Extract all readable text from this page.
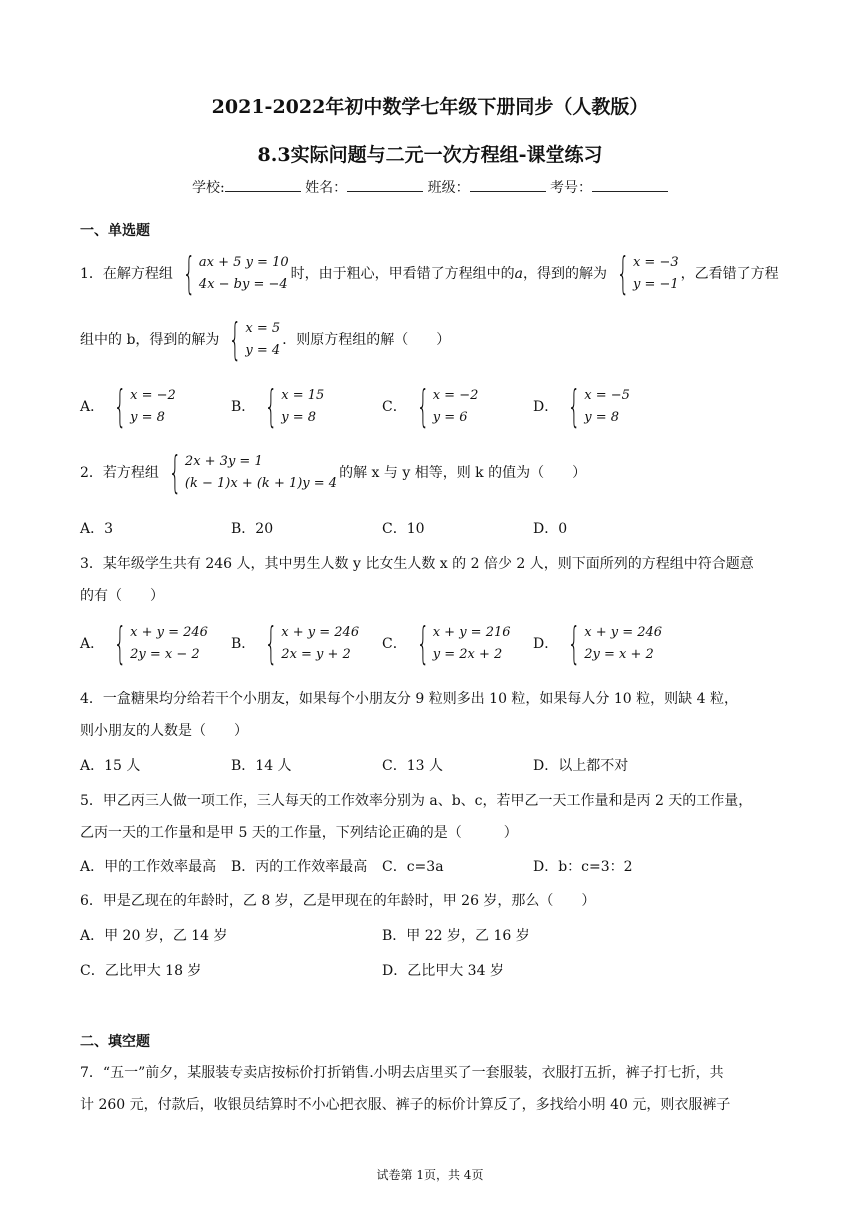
2021-2022年初中数学七年级下册同步（人教版）
8.3实际问题与二元一次方程组-课堂练习
学校:	姓名：	班级：	考号：
一、单选题
1．在解方程组 { ax + 5 y = 10
4x − by = −4
时，由于粗心，甲看错了方程组中的a，得到的解为 { x = −3
y = −1
，乙看错了方程
组中的 b，得到的解为 { x = 5
y = 4
．则原方程组的解（　　）
A． { x = −2
y = 8
B． { x = 15
y = 8
C． { x = −2
y = 6
D． { x = −5
y = 8
2．若方程组 { 2x + 3y = 1
(k − 1)x + (k + 1)y = 4
的解 x 与 y 相等，则 k 的值为（　　）
A．3	B．20	C．10	D．0
3．某年级学生共有 246 人，其中男生人数 y 比女生人数 x 的 2 倍少 2 人，则下面所列的方程组中符合题意
的有（　　）
A． { x + y = 246
2y = x − 2
B． { x + y = 246
2x = y + 2
C． { x + y = 216
y = 2x + 2
D． { x + y = 246
2y = x + 2
4．一盒糖果均分给若干个小朋友，如果每个小朋友分 9 粒则多出 10 粒，如果每人分 10 粒，则缺 4 粒，
则小朋友的人数是（　　）
A．15 人	B．14 人	C．13 人	D．以上都不对
5．甲乙丙三人做一项工作，三人每天的工作效率分别为 a、b、c，若甲乙一天工作量和是丙 2 天的工作量，
乙丙一天的工作量和是甲 5 天的工作量，下列结论正确的是（　　　）
A．甲的工作效率最高 B．丙的工作效率最高 C．c=3a	D．b：c=3：2
6．甲是乙现在的年龄时，乙 8 岁，乙是甲现在的年龄时，甲 26 岁，那么（　　）
A．甲 20 岁，乙 14 岁	B．甲 22 岁，乙 16 岁
C．乙比甲大 18 岁	D．乙比甲大 34 岁
二、填空题
7．“五一”前夕，某服装专卖店按标价打折销售.小明去店里买了一套服装，衣服打五折，裤子打七折，共
计 260 元，付款后，收银员结算时不小心把衣服、裤子的标价计算反了，多找给小明 40 元，则衣服裤子
试卷第 1页，共 4页
